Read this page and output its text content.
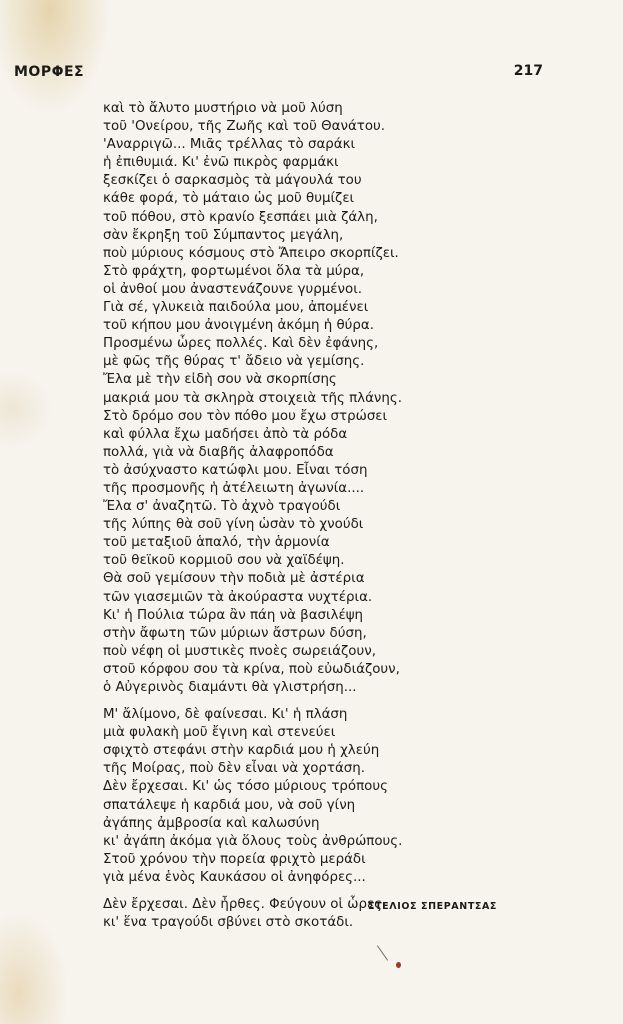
ΜΟΡΦΕΣ	217
καὶ τὸ ἄλυτο μυστήριο νὰ μοῦ λύση
τοῦ 'Ονείρου, τῆς Ζωῆς καὶ τοῦ Θανάτου.
'Αναρριγῶ... Μιᾶς τρέλλας τὸ σαράκι
ἡ ἐπιθυμιά. Κι' ἐνῶ πικρὸς φαρμάκι
ξεσκίζει ὁ σαρκασμὸς τὰ μάγουλά του
κάθε φορά, τὸ μάταιο ὡς μοῦ θυμίζει
τοῦ πόθου, στὸ κρανίο ξεσπάει μιὰ ζάλη,
σὰν ἔκρηξη τοῦ Σύμπαντος μεγάλη,
ποὺ μύριους κόσμους στὸ Ἄπειρο σκορπίζει.
Στὸ φράχτη, φορτωμένοι ὅλα τὰ μύρα,
οἱ ἀνθοί μου ἀναστενάζουνε γυρμένοι.
Γιὰ σέ, γλυκειὰ παιδούλα μου, ἀπομένει
τοῦ κήπου μου ἀνοιγμένη ἀκόμη ἡ θύρα.
Προσμένω ὧρες πολλές. Καὶ δὲν ἐφάνης,
μὲ φῶς τῆς θύρας τ' ἄδειο νὰ γεμίσης.
Ἔλα μὲ τὴν εἰδὴ σου νὰ σκορπίσης
μακριά μου τὰ σκληρὰ στοιχειὰ τῆς πλάνης.
Στὸ δρόμο σου τὸν πόθο μου ἔχω στρώσει
καὶ φύλλα ἔχω μαδήσει ἀπὸ τὰ ρόδα
πολλά, γιὰ νὰ διαβῆς ἀλαφροπόδα
τὸ ἀσύχναστο κατώφλι μου. Εἶναι τόση
τῆς προσμονῆς ἡ ἀτέλειωτη ἀγωνία....
Ἔλα σ' ἀναζητῶ. Τὸ ἀχνὸ τραγούδι
τῆς λύπης θὰ σοῦ γίνη ὡσὰν τὸ χνούδι
τοῦ μεταξιοῦ ἁπαλό, τὴν ἁρμονία
τοῦ θεϊκοῦ κορμιοῦ σου νὰ χαϊδέψη.
Θὰ σοῦ γεμίσουν τὴν ποδιὰ μὲ ἀστέρια
τῶν γιασεμιῶν τὰ ἀκούραστα νυχτέρια.
Κι' ἡ Πούλια τώρα ἂν πάη νὰ βασιλέψη
στὴν ἄφωτη τῶν μύριων ἄστρων δύση,
ποὺ νέφη οἱ μυστικὲς πνοὲς σωρειάζουν,
στοῦ κόρφου σου τὰ κρίνα, ποὺ εὐωδιάζουν,
ὁ Αὐγερινὸς διαμάντι θὰ γλιστρήση...
Μ' ἄλίμονο, δὲ φαίνεσαι. Κι' ἡ πλάση
μιὰ φυλακὴ μοῦ ἔγινη καὶ στενεύει
σφιχτὸ στεφάνι στὴν καρδιά μου ἡ χλεύη
τῆς Μοίρας, ποὺ δὲν εἶναι νὰ χορτάση.
Δὲν ἔρχεσαι. Κι' ὡς τόσο μύριους τρόπους
σπατάλεψε ἡ καρδιά μου, νὰ σοῦ γίνη
ἀγάπης ἀμβροσία καὶ καλωσύνη
κι' ἀγάπη ἀκόμα γιὰ ὅλους τοὺς ἀνθρώπους.
Στοῦ χρόνου τὴν πορεία φριχτὸ μεράδι
γιὰ μένα ἑνὸς Καυκάσου οἱ ἀνηφόρες...
Δὲν ἔρχεσαι. Δὲν ἦρθες. Φεύγουν οἱ ὧρες
κι' ἕνα τραγούδι σβύνει στὸ σκοτάδι.
ΣΤΕΛΙΟΣ ΣΠΕΡΑΝΤΣΑΣ
